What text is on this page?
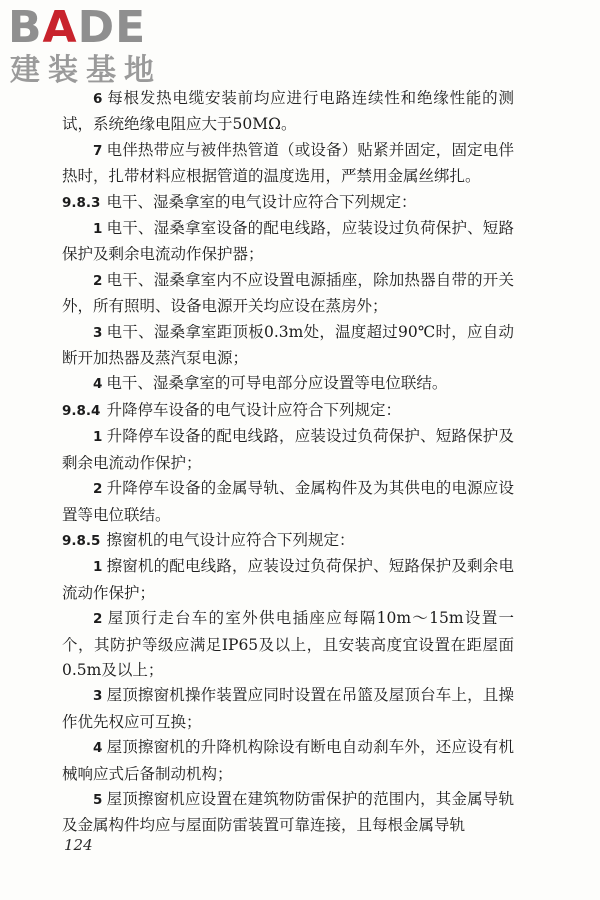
BADE
建装基地

6 每根发热电缆安装前均应进行电路连续性和绝缘性能的测试，系统绝缘电阻应大于50MΩ。

7 电伴热带应与被伴热管道（或设备）贴紧并固定，固定电伴热时，扎带材料应根据管道的温度选用，严禁用金属丝绑扎。

9.8.3 电干、湿桑拿室的电气设计应符合下列规定：

1 电干、湿桑拿室设备的配电线路，应装设过负荷保护、短路保护及剩余电流动作保护器；

2 电干、湿桑拿室内不应设置电源插座，除加热器自带的开关外，所有照明、设备电源开关均应设在蒸房外；

3 电干、湿桑拿室距顶板0.3m处，温度超过90℃时，应自动断开加热器及蒸汽泵电源；

4 电干、湿桑拿室的可导电部分应设置等电位联结。

9.8.4 升降停车设备的电气设计应符合下列规定：

1 升降停车设备的配电线路，应装设过负荷保护、短路保护及剩余电流动作保护；

2 升降停车设备的金属导轨、金属构件及为其供电的电源应设置等电位联结。

9.8.5 擦窗机的电气设计应符合下列规定：

1 擦窗机的配电线路，应装设过负荷保护、短路保护及剩余电流动作保护；

2 屋顶行走台车的室外供电插座应每隔10m～15m设置一个，其防护等级应满足IP65及以上，且安装高度宜设置在距屋面0.5m及以上；

3 屋顶擦窗机操作装置应同时设置在吊篮及屋顶台车上，且操作优先权应可互换；

4 屋顶擦窗机的升降机构除设有断电自动刹车外，还应设有机械响应式后备制动机构；

5 屋顶擦窗机应设置在建筑物防雷保护的范围内，其金属导轨及金属构件均应与屋面防雷装置可靠连接，且每根金属导轨

124
